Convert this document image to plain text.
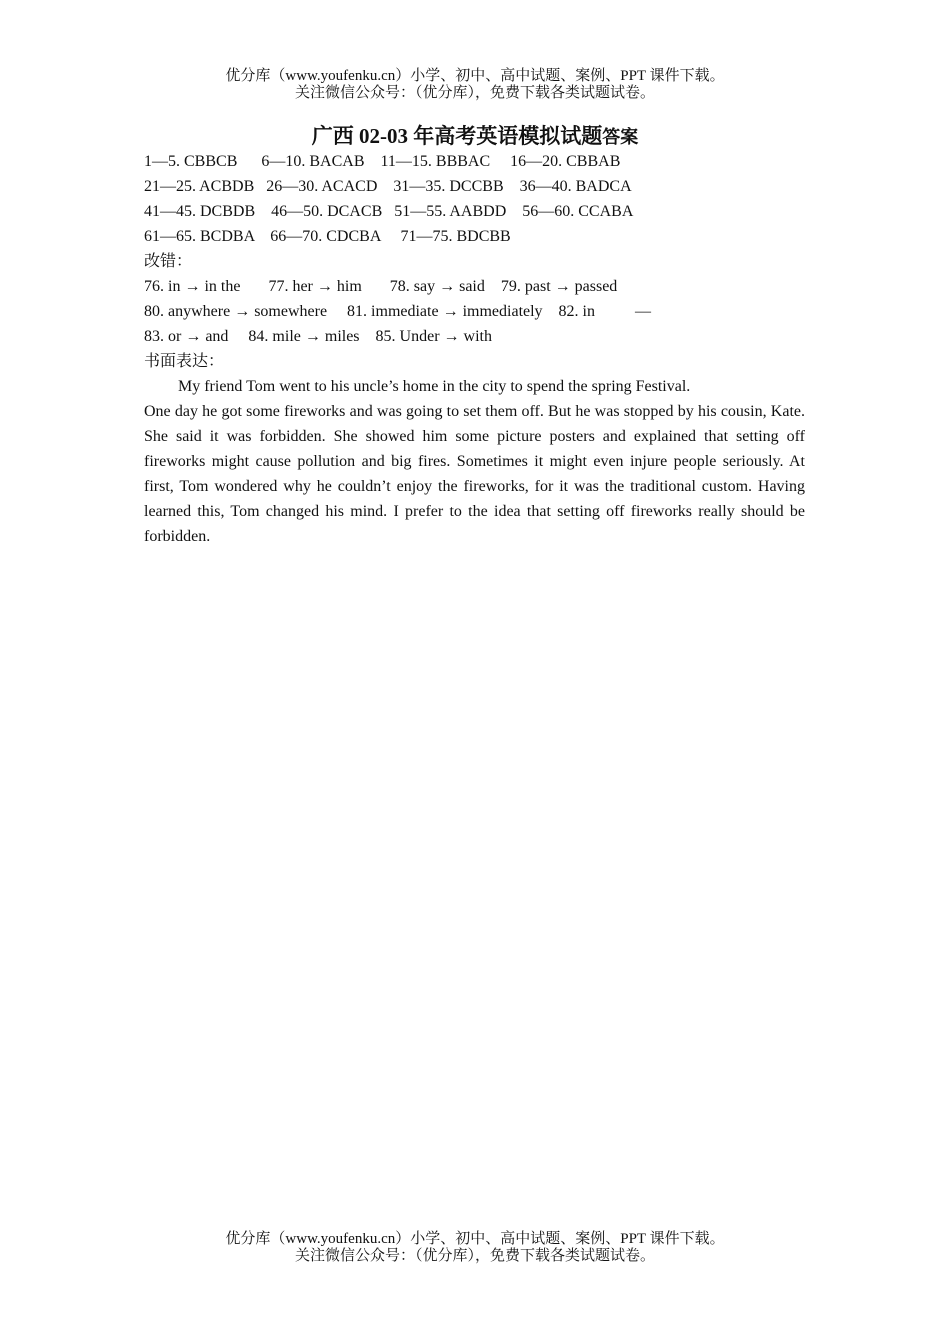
优分库（www.youfenku.cn）小学、初中、高中试题、案例、PPT 课件下载。
关注微信公众号：（优分库），免费下载各类试题试卷。
广西 02-03 年高考英语模拟试题答案
1—5. CBBCB      6—10. BACAB    11—15. BBBAC     16—20. CBBAB
21—25. ACBDB   26—30. ACACD    31—35. DCCBB    36—40. BADCA
41—45. DCBDB    46—50. DCACB   51—55. AABDD    56—60. CCABA
61—65. BCDBA    66—70. CDCBA     71—75. BDCBB
改错：
76. in → in the       77. her → him       78. say → said    79. past → passed
80. anywhere → somewhere     81. immediate → immediately    82. in          —
83. or → and     84. mile → miles    85. Under → with
书面表达：
My friend Tom went to his uncle’s home in the city to spend the spring Festival.
One day he got some fireworks and was going to set them off. But he was stopped by his cousin, Kate. She said it was forbidden. She showed him some picture posters and explained that setting off fireworks might cause pollution and big fires. Sometimes it might even injure people seriously. At first, Tom wondered why he couldn’t enjoy the fireworks, for it was the traditional custom. Having learned this, Tom changed his mind. I prefer to the idea that setting off fireworks really should be forbidden.
优分库（www.youfenku.cn）小学、初中、高中试题、案例、PPT 课件下载。
关注微信公众号：（优分库），免费下载各类试题试卷。
